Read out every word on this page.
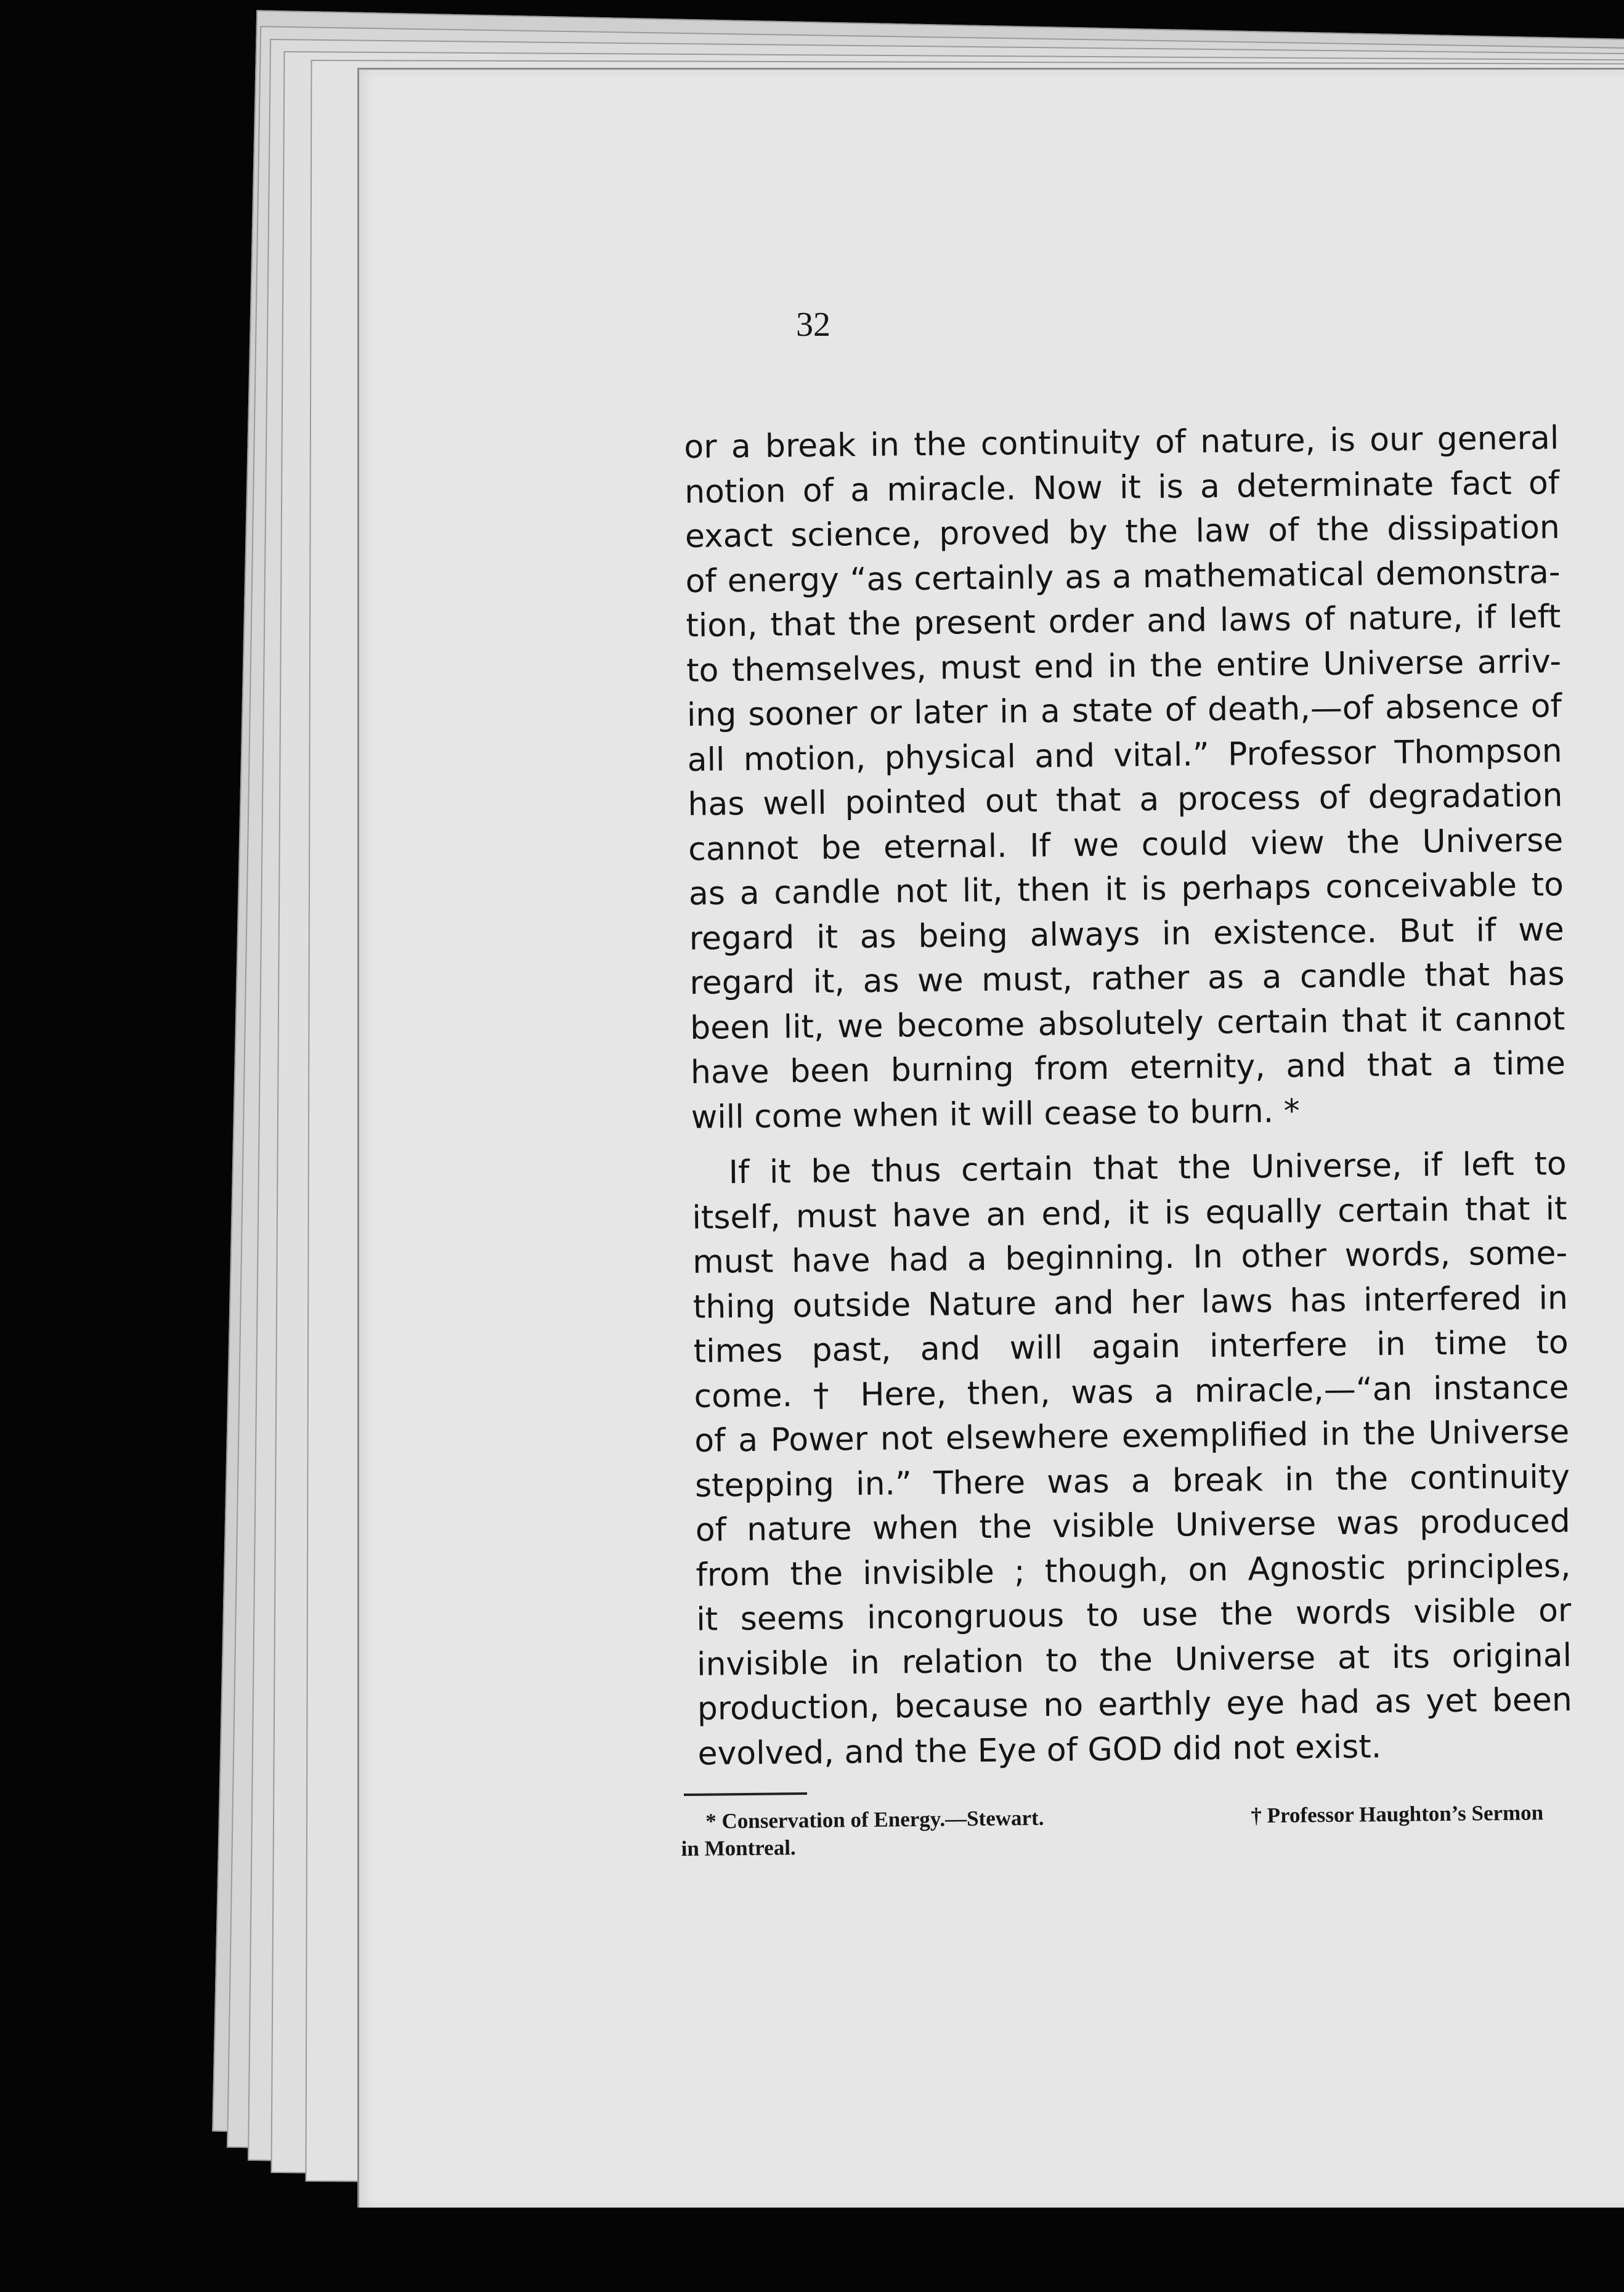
32

or a break in the continuity of nature, is our general

notion of a miracle. Now it is a determinate fact of

exact science, proved by the law of the dissipation

of energy “as certainly as a mathematical demonstra-

tion, that the present order and laws of nature, if left

to themselves, must end in the entire Universe arriv-

ing sooner or later in a state of death,—of absence of

all motion, physical and vital.” Professor Thompson

has well pointed out that a process of degradation

cannot be eternal. If we could view the Universe

as a candle not lit, then it is perhaps conceivable to

regard it as being always in existence. But if we

regard it, as we must, rather as a candle that has

been lit, we become absolutely certain that it cannot

have been burning from eternity, and that a time

will come when it will cease to burn. *

If it be thus certain that the Universe, if left to

itself, must have an end, it is equally certain that it

must have had a beginning. In other words, some-

thing outside Nature and her laws has interfered in

times past, and will again interfere in time to

come. † Here, then, was a miracle,—“an instance

of a Power not elsewhere exemplified in the Universe

stepping in.” There was a break in the continuity

of nature when the visible Universe was produced

from the invisible ; though, on Agnostic principles,

it seems incongruous to use the words visible or

invisible in relation to the Universe at its original

production, because no earthly eye had as yet been

evolved, and the Eye of GOD did not exist.

* Conservation of Energy.—Stewart.	† Professor Haughton’s Sermon
in Montreal.
